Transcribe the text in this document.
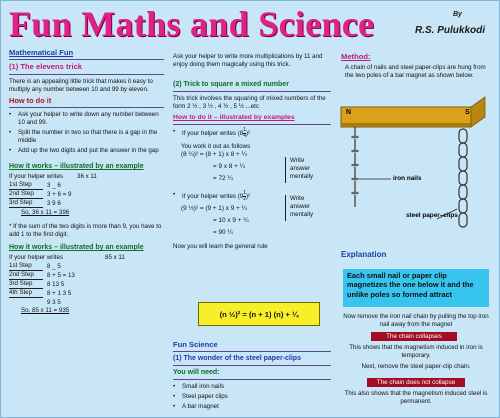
Fun Maths and Science	By
R.S. Pulukkodi
Mathematical Fun
(1) The elevens trick
There is an appealing little trick that makes it easy to multiply any number between 10 and 99 by eleven.
How to do it
• Ask your helper to write down any number between 10 and 99.
• Split the number in two so that there is a gap in the middle
• Add up the two digits and put the answer in the gap
How it works – illustrated by an example
If your helper writes 36 x 11
1st Step	3 _ 6
2nd Step	3 + 6 = 9
3rd Step	3 9 6
So, 36 x 11 = 396
* If the sum of the two digits is more than 9, you have to add 1 to the first digit.
How it works – illustrated by an example
If your helper writes	85 x 11
1st Step	8 _ 5
2nd Step	8 + 5 = 13
3rd Step	8 13 5
4th Step	8 + 1 3 5
9 3 5
So, 85 x 11 = 935
Ask your helper to write more multiplications by 11 and enjoy doing them magically using this trick.
(2) Trick to square a mixed number
This trick involves the squaring of mixed numbers of the form 2 ½ , 3 ½ , 4 ½ , 5 ½ ...etc
How to do it – illustrated by examples
• If your helper writes $(8 \frac{1}{4} )^2$
You work it out as follows
(8 ¼)² = (8 + 1) x 8 + ¼
= 9 x 8 + ¼
= 72 ¼
Write answer mentally
• If your helper writes $(9 \frac{1}{2} )^2$
(9 ½)² = (9 + 1) x 9 + ¼
= 10 x 9 + ¼
= 90 ¼
Write answer mentally
Now you will learn the general rule
(n ½)² = (n + 1) (n) + ¼
Fun Science
(1) The wonder of the steel paper-clips
You will need:
• Small iron nails
• Steel paper clips
• A bar magnet
Method:
A chain of nails and steel paper-clips are hung from the two poles of a bar magnet as shown below.
N	S
iron nails
steel paper–clips
Explanation
Each small nail or paper clip magnetizes the one below it and the unlike poles so formed attract
Now remove the iron nail chain by pulling the top iron nail away from the magnet
The chain collapses
This shows that the magnetism induced in iron is temporary.
Next, remove the steel paper-clip chain.
The chain does not collapse
This also shows that the magnetism induced steel is permanent.
